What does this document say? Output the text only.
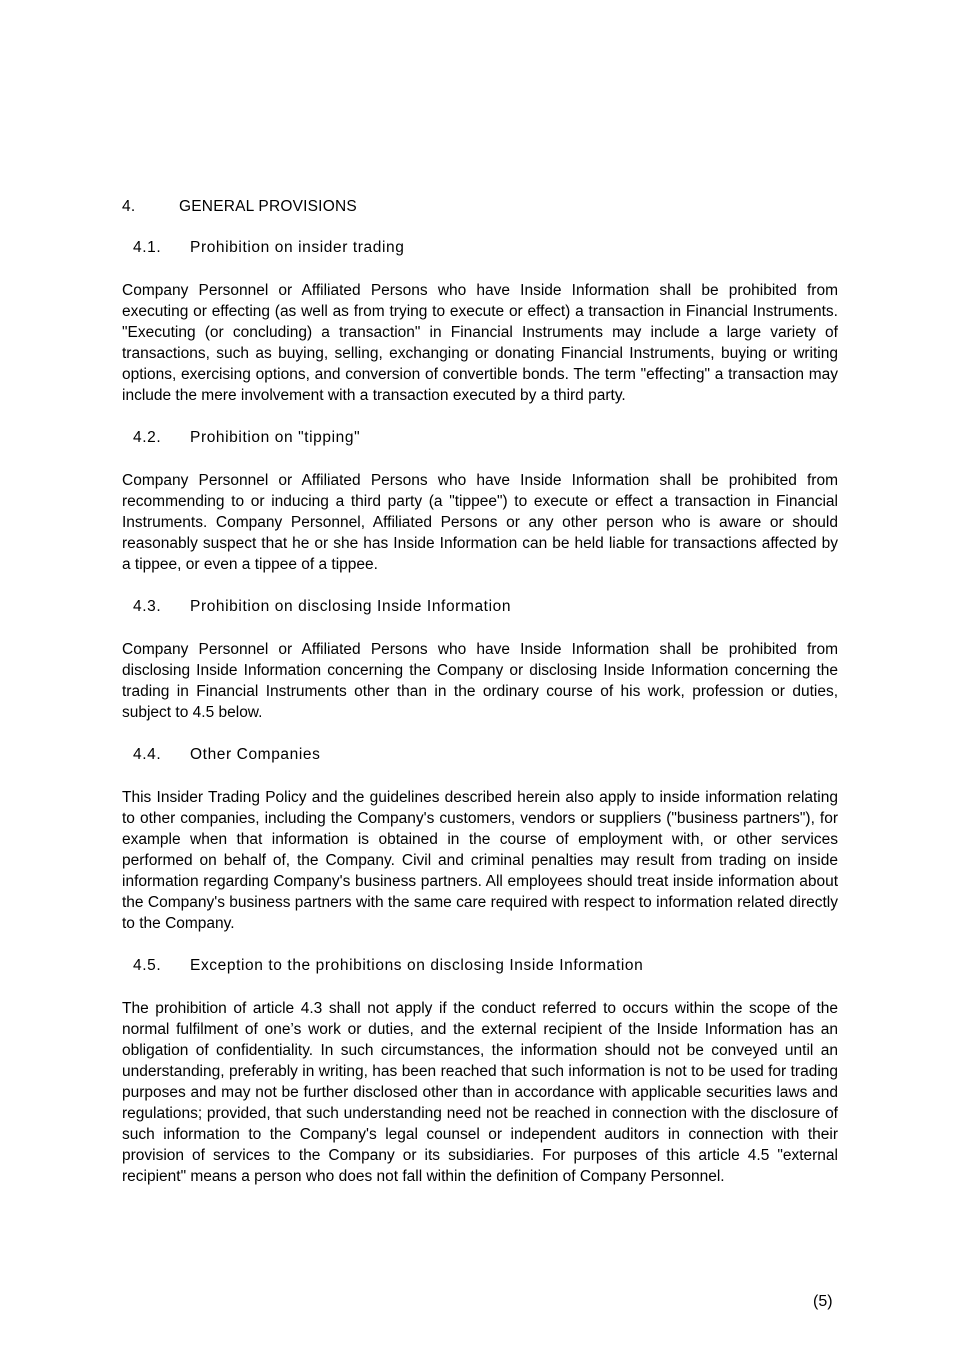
4.	GENERAL PROVISIONS
4.1.	Prohibition on insider trading

Company Personnel or Affiliated Persons who have Inside Information shall be prohibited from executing or effecting (as well as from trying to execute or effect) a transaction in Financial Instruments. "Executing (or concluding) a transaction" in Financial Instruments may include a large variety of transactions, such as buying, selling, exchanging or donating Financial Instruments, buying or writing options, exercising options, and conversion of convertible bonds. The term "effecting" a transaction may include the mere involvement with a transaction executed by a third party.

4.2.	Prohibition on "tipping"

Company Personnel or Affiliated Persons who have Inside Information shall be prohibited from recommending to or inducing a third party (a "tippee") to execute or effect a transaction in Financial Instruments. Company Personnel, Affiliated Persons or any other person who is aware or should reasonably suspect that he or she has Inside Information can be held liable for transactions affected by a tippee, or even a tippee of a tippee.

4.3.	Prohibition on disclosing Inside Information

Company Personnel or Affiliated Persons who have Inside Information shall be prohibited from disclosing Inside Information concerning the Company or disclosing Inside Information concerning the trading in Financial Instruments other than in the ordinary course of his work, profession or duties, subject to 4.5 below.

4.4.	Other Companies

This Insider Trading Policy and the guidelines described herein also apply to inside information relating to other companies, including the Company's customers, vendors or suppliers ("business partners"), for example when that information is obtained in the course of employment with, or other services performed on behalf of, the Company. Civil and criminal penalties may result from trading on inside information regarding Company's business partners. All employees should treat inside information about the Company's business partners with the same care required with respect to information related directly to the Company.

4.5.	Exception to the prohibitions on disclosing Inside Information

The prohibition of article 4.3 shall not apply if the conduct referred to occurs within the scope of the normal fulfilment of one’s work or duties, and the external recipient of the Inside Information has an obligation of confidentiality. In such circumstances, the information should not be conveyed until an understanding, preferably in writing, has been reached that such information is not to be used for trading purposes and may not be further disclosed other than in accordance with applicable securities laws and regulations; provided, that such understanding need not be reached in connection with the disclosure of such information to the Company's legal counsel or independent auditors in connection with their provision of services to the Company or its subsidiaries. For purposes of this article 4.5 "external recipient" means a person who does not fall within the definition of Company Personnel.

(5)
